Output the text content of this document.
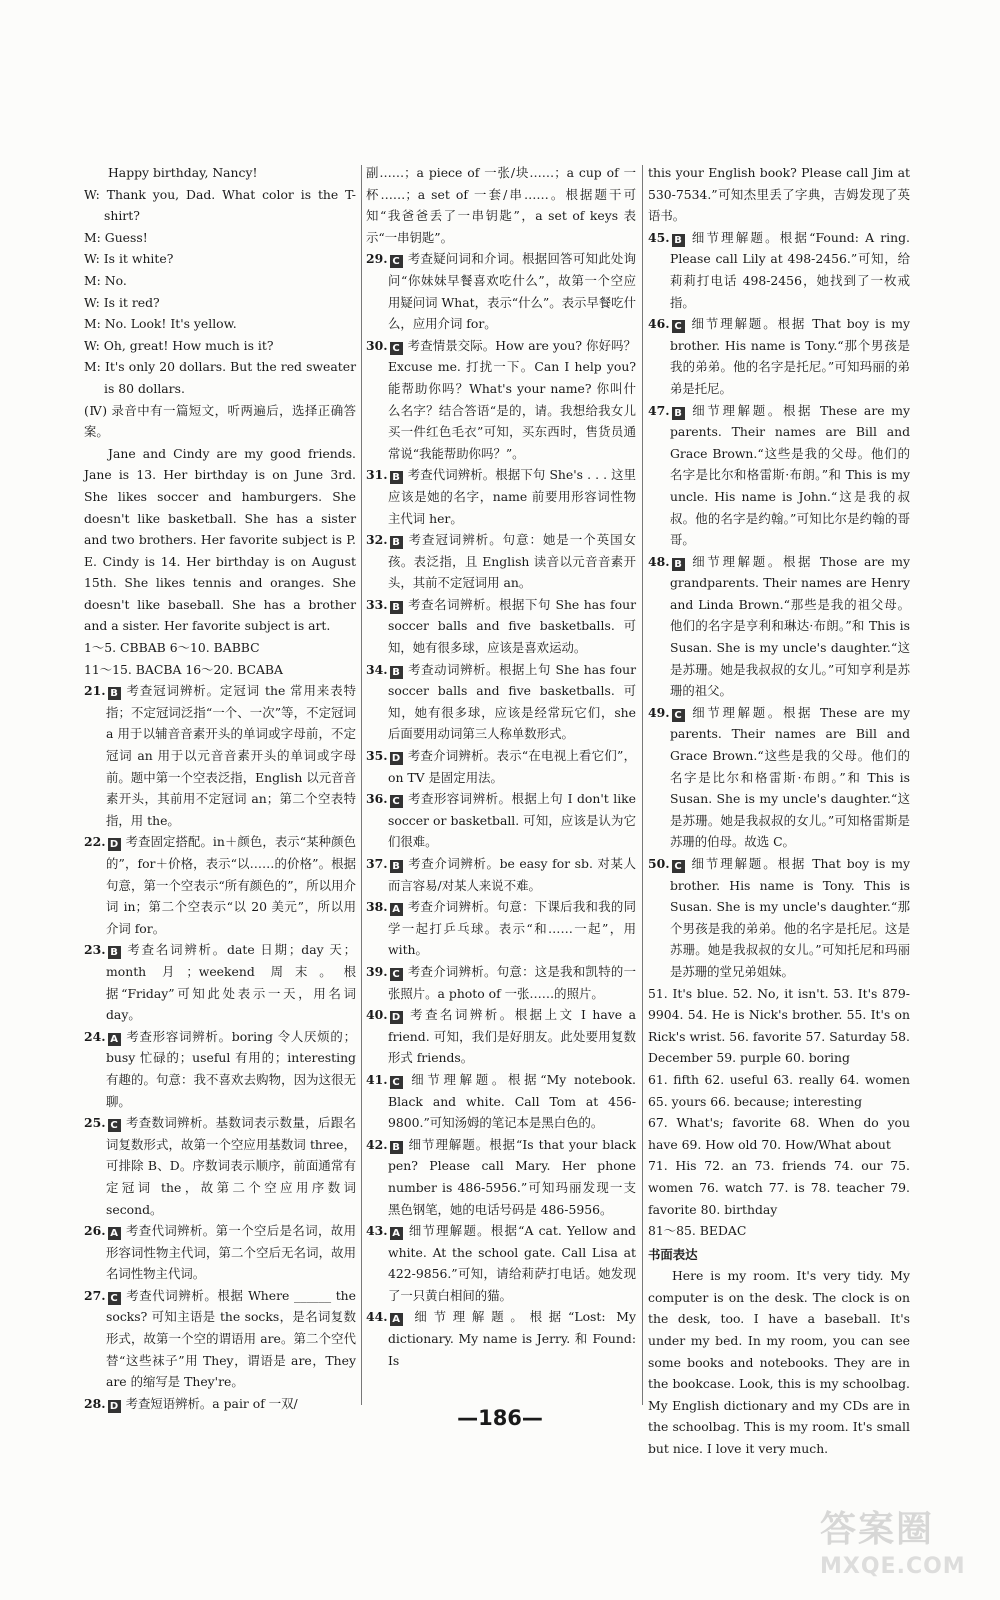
Happy birthday, Nancy!

W: Thank you, Dad. What color is the T-shirt?

M: Guess!

W: Is it white?

M: No.

W: Is it red?

M: No. Look! It's yellow.

W: Oh, great! How much is it?

M: It's only 20 dollars. But the red sweater is 80 dollars.

(Ⅳ) 录音中有一篇短文，听两遍后，选择正确答案。

Jane and Cindy are my good friends. Jane is 13. Her birthday is on June 3rd. She likes soccer and hamburgers. She doesn't like basketball. She has a sister and two brothers. Her favorite subject is P. E. Cindy is 14. Her birthday is on August 15th. She likes tennis and oranges. She doesn't like baseball. She has a brother and a sister. Her favorite subject is art.

1～5. CBBAB 6～10. BABBC

11～15. BACBA 16～20. BCABA

21. B 考查冠词辨析。定冠词 the 常用来表特指；不定冠词泛指“一个、一次”等，不定冠词 a 用于以辅音音素开头的单词或字母前，不定冠词 an 用于以元音音素开头的单词或字母前。题中第一个空表泛指，English 以元音音素开头，其前用不定冠词 an；第二个空表特指，用 the。

22. D 考查固定搭配。in＋颜色，表示“某种颜色的”，for＋价格，表示“以……的价格”。根据句意，第一个空表示“所有颜色的”，所以用介词 in；第二个空表示“以 20 美元”，所以用介词 for。

23. B 考查名词辨析。date 日期；day 天；month 月；weekend 周末。根据“Friday”可知此处表示一天，用名词 day。

24. A 考查形容词辨析。boring 令人厌烦的；busy 忙碌的；useful 有用的；interesting 有趣的。句意：我不喜欢去购物，因为这很无聊。

25. C 考查数词辨析。基数词表示数量，后跟名词复数形式，故第一个空应用基数词 three，可排除 B、D。序数词表示顺序，前面通常有定冠词 the，故第二个空应用序数词 second。

26. A 考查代词辨析。第一个空后是名词，故用形容词性物主代词，第二个空后无名词，故用名词性物主代词。

27. C 考查代词辨析。根据 Where ______ the socks? 可知主语是 the socks，是名词复数形式，故第一个空的谓语用 are。第二个空代替“这些袜子”用 They，谓语是 are，They are 的缩写是 They're。

28. D 考查短语辨析。a pair of 一双/

副……；a piece of 一张/块……；a cup of 一杯……；a set of 一套/串……。根据题干可知“我爸爸丢了一串钥匙”，a set of keys 表示“一串钥匙”。

29. C 考查疑问词和介词。根据回答可知此处询问“你妹妹早餐喜欢吃什么”，故第一个空应用疑问词 What，表示“什么”。表示早餐吃什么，应用介词 for。

30. C 考查情景交际。How are you? 你好吗？Excuse me. 打扰一下。Can I help you? 能帮助你吗？What's your name? 你叫什么名字？结合答语“是的，请。我想给我女儿买一件红色毛衣”可知，买东西时，售货员通常说“我能帮助你吗？”。

31. B 考查代词辨析。根据下句 She's . . . 这里应该是她的名字，name 前要用形容词性物主代词 her。

32. B 考查冠词辨析。句意：她是一个英国女孩。表泛指，且 English 读音以元音音素开头，其前不定冠词用 an。

33. B 考查名词辨析。根据下句 She has four soccer balls and five basketballs. 可知，她有很多球，应该是喜欢运动。

34. B 考查动词辨析。根据上句 She has four soccer balls and five basketballs. 可知，她有很多球，应该是经常玩它们，she 后面要用动词第三人称单数形式。

35. D 考查介词辨析。表示“在电视上看它们”，on TV 是固定用法。

36. C 考查形容词辨析。根据上句 I don't like soccer or basketball. 可知，应该是认为它们很难。

37. B 考查介词辨析。be easy for sb. 对某人而言容易/对某人来说不难。

38. A 考查介词辨析。句意：下课后我和我的同学一起打乒乓球。表示“和……一起”，用 with。

39. C 考查介词辨析。句意：这是我和凯特的一张照片。a photo of 一张……的照片。

40. D 考查名词辨析。根据上文 I have a friend. 可知，我们是好朋友。此处要用复数形式 friends。

41. C 细节理解题。根据“My notebook. Black and white. Call Tom at 456-9800.”可知汤姆的笔记本是黑白色的。

42. B 细节理解题。根据“Is that your black pen? Please call Mary. Her phone number is 486-5956.”可知玛丽发现一支黑色钢笔，她的电话号码是 486-5956。

43. A 细节理解题。根据“A cat. Yellow and white. At the school gate. Call Lisa at 422-9856.”可知，请给莉萨打电话。她发现了一只黄白相间的猫。

44. A 细节理解题。根据“Lost: My dictionary. My name is Jerry. 和 Found: Is

this your English book? Please call Jim at 530-7534.”可知杰里丢了字典，吉姆发现了英语书。

45. B 细节理解题。根据“Found: A ring. Please call Lily at 498-2456.”可知，给莉莉打电话 498-2456，她找到了一枚戒指。

46. C 细节理解题。根据 That boy is my brother. His name is Tony.“那个男孩是我的弟弟。他的名字是托尼。”可知玛丽的弟弟是托尼。

47. B 细节理解题。根据 These are my parents. Their names are Bill and Grace Brown.“这些是我的父母。他们的名字是比尔和格雷斯·布朗。”和 This is my uncle. His name is John.“这是我的叔叔。他的名字是约翰。”可知比尔是约翰的哥哥。

48. B 细节理解题。根据 Those are my grandparents. Their names are Henry and Linda Brown.“那些是我的祖父母。他们的名字是亨利和琳达·布朗。”和 This is Susan. She is my uncle's daughter.“这是苏珊。她是我叔叔的女儿。”可知亨利是苏珊的祖父。

49. C 细节理解题。根据 These are my parents. Their names are Bill and Grace Brown.“这些是我的父母。他们的名字是比尔和格雷斯·布朗。”和 This is Susan. She is my uncle's daughter.“这是苏珊。她是我叔叔的女儿。”可知格雷斯是苏珊的伯母。故选 C。

50. C 细节理解题。根据 That boy is my brother. His name is Tony. This is Susan. She is my uncle's daughter.“那个男孩是我的弟弟。他的名字是托尼。这是苏珊。她是我叔叔的女儿。”可知托尼和玛丽是苏珊的堂兄弟姐妹。

51. It's blue. 52. No, it isn't. 53. It's 879-9904. 54. He is Nick's brother. 55. It's on Rick's wrist. 56. favorite 57. Saturday 58. December 59. purple 60. boring

61. fifth 62. useful 63. really 64. women 65. yours 66. because; interesting

67. What's; favorite 68. When do you have 69. How old 70. How/What about

71. His 72. an 73. friends 74. our 75. women 76. watch 77. is 78. teacher 79. favorite 80. birthday

81～85. BEDAC

书面表达

Here is my room. It's very tidy. My computer is on the desk. The clock is on the desk, too. I have a baseball. It's under my bed. In my room, you can see some books and notebooks. They are in the bookcase. Look, this is my schoolbag. My English dictionary and my CDs are in the schoolbag. This is my room. It's small but nice. I love it very much.

—186—
答案圈
MXQE.COM
